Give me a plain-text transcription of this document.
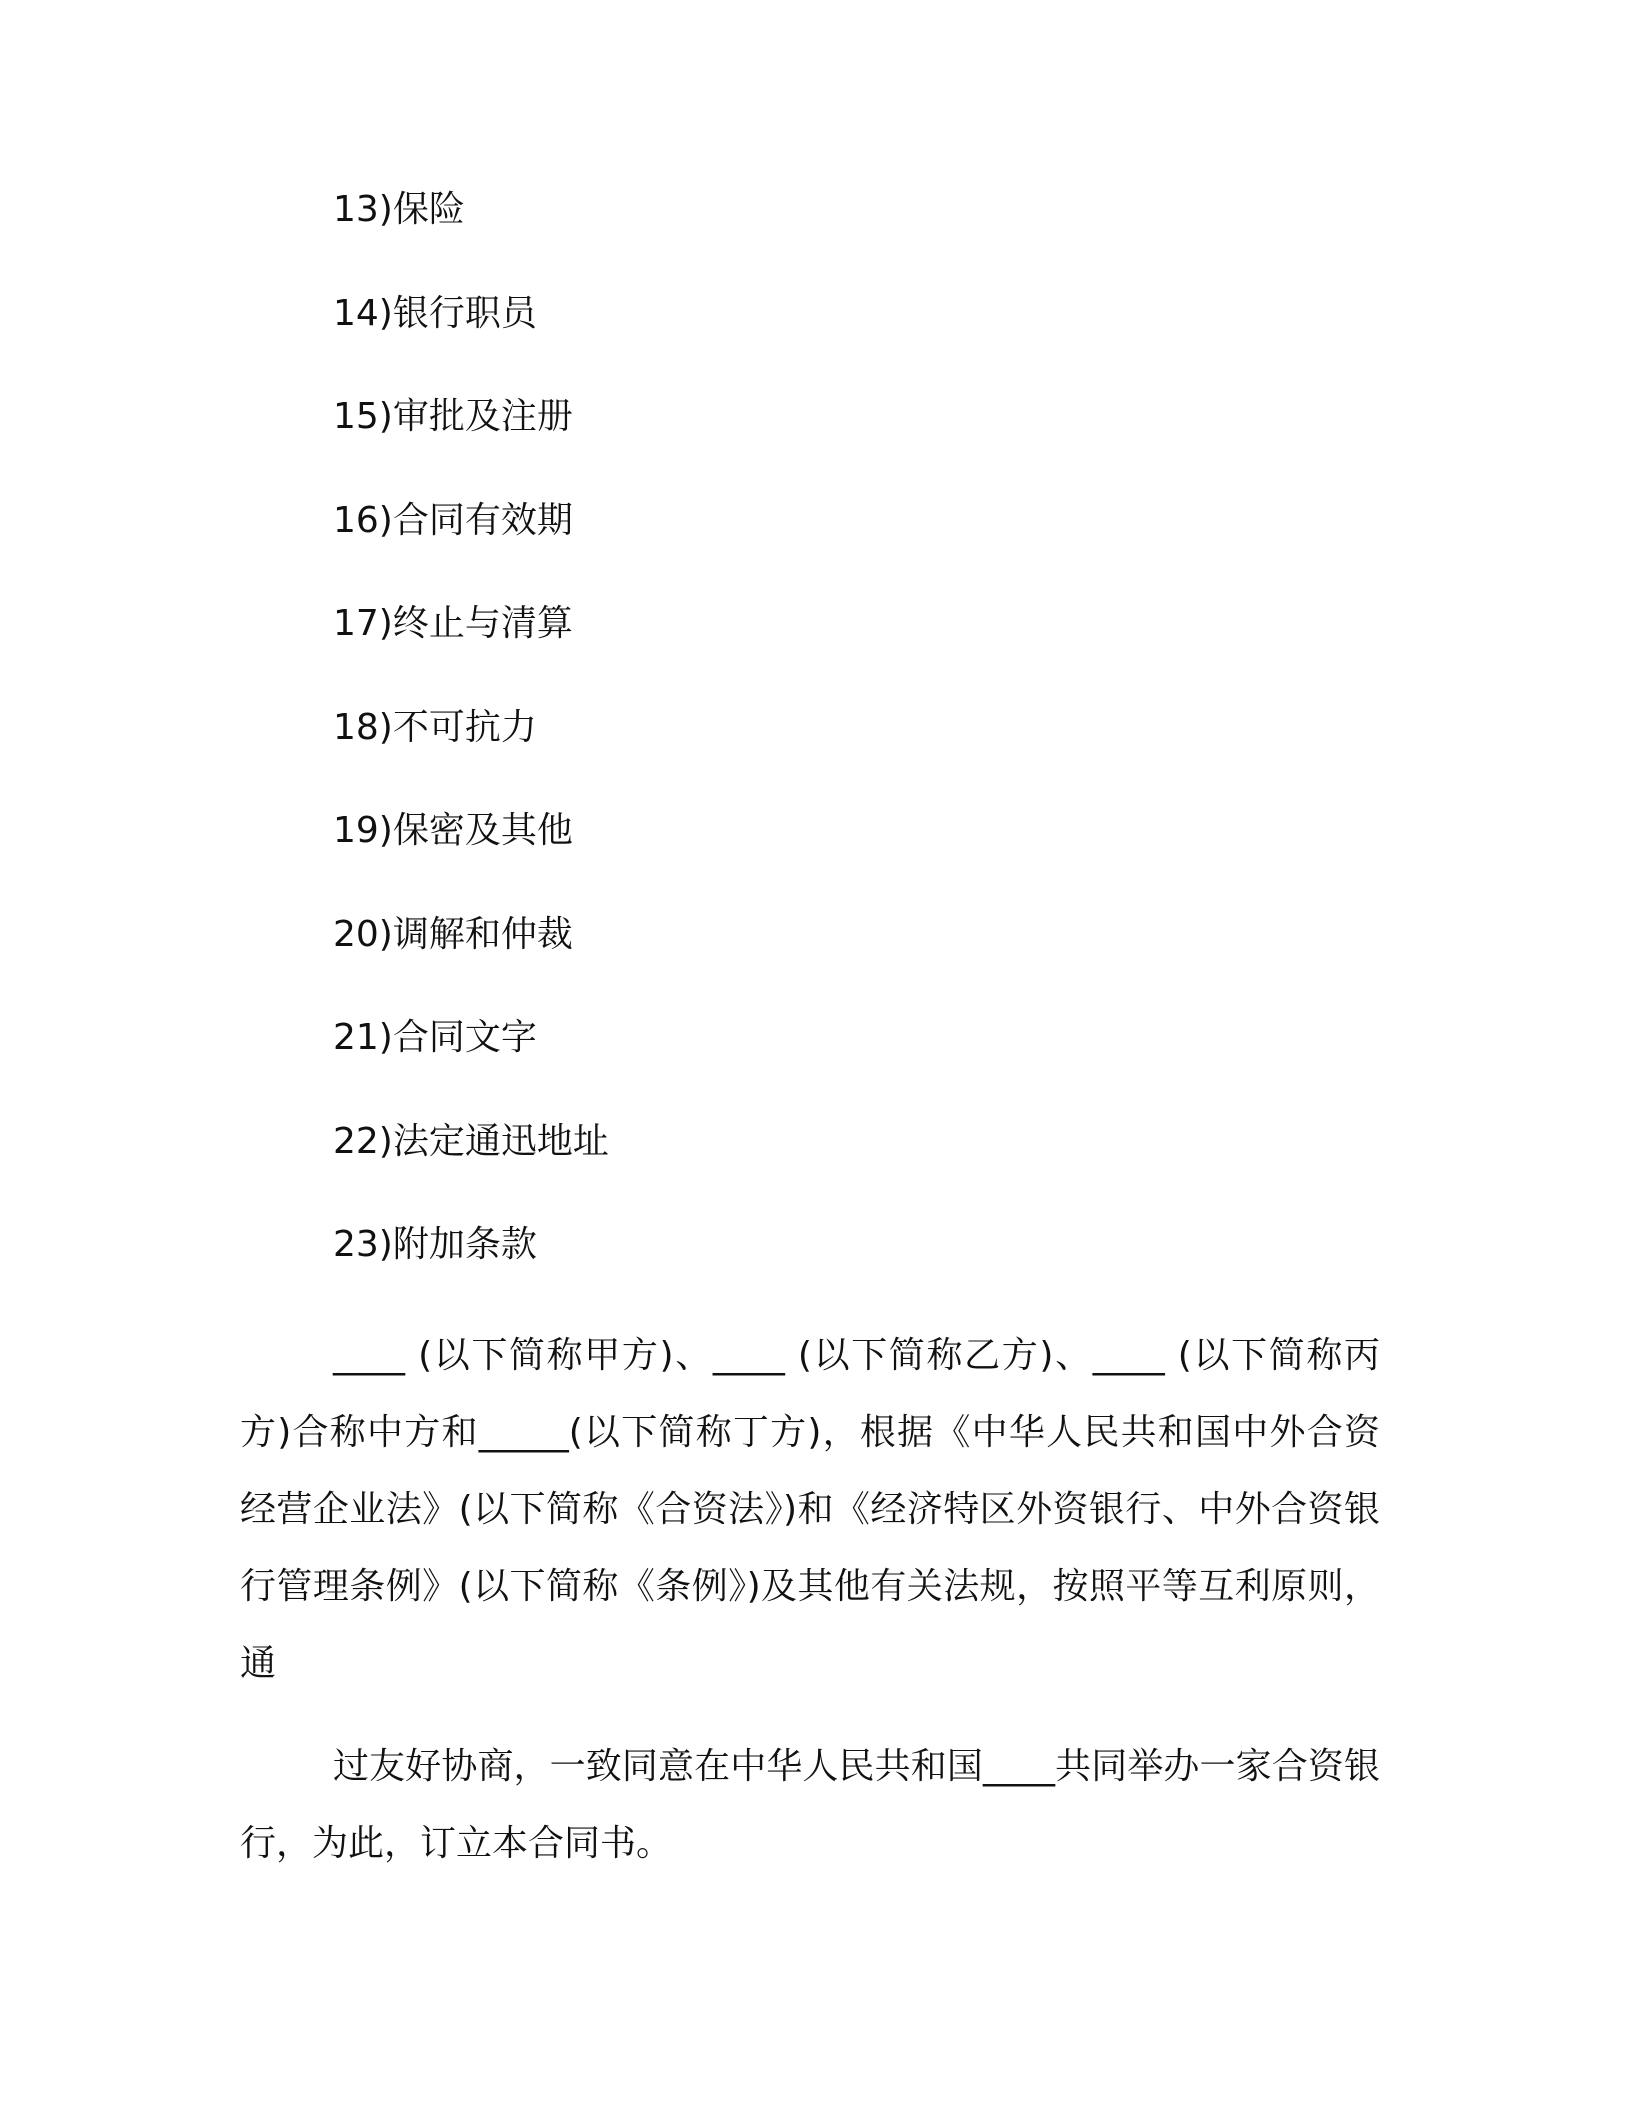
13)保险
14)银行职员
15)审批及注册
16)合同有效期
17)终止与清算
18)不可抗力
19)保密及其他
20)调解和仲裁
21)合同文字
22)法定通迅地址
23)附加条款

____ (以下简称甲方)、____ (以下简称乙方)、____ (以下简称丙方)合称中方和_____(以下简称丁方)，根据《中华人民共和国中外合资经营企业法》(以下简称《合资法》)和《经济特区外资银行、中外合资银行管理条例》(以下简称《条例》)及其他有关法规，按照平等互利原则，通

过友好协商，一致同意在中华人民共和国____共同举办一家合资银行，为此，订立本合同书。
